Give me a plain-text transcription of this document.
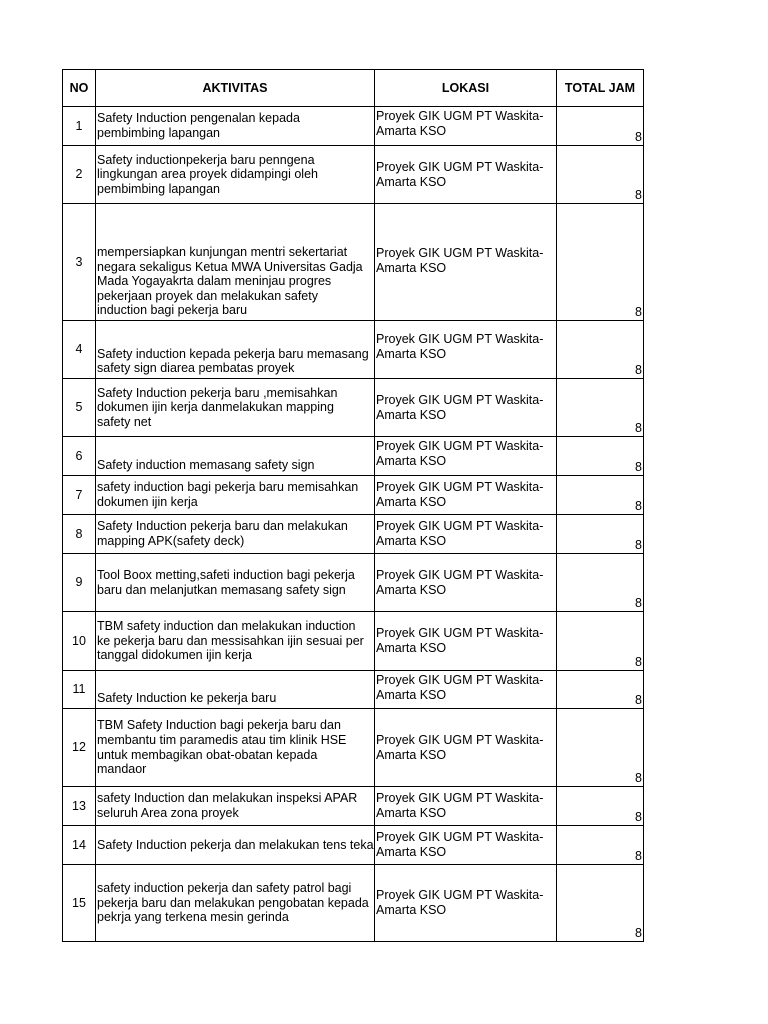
NO	AKTIVITAS	LOKASI	TOTAL JAM
1	Safety Induction pengenalan kepada
pembimbing lapangan	Proyek GIK UGM PT Waskita-
Amarta KSO	8
2	Safety inductionpekerja baru penngena
lingkungan area proyek didampingi oleh
pembimbing lapangan	Proyek GIK UGM PT Waskita-
Amarta KSO	8
3	mempersiapkan kunjungan mentri sekertariat
negara sekaligus Ketua MWA Universitas Gadja
Mada Yogayakrta dalam meninjau progres
pekerjaan proyek dan melakukan safety
induction bagi pekerja baru	Proyek GIK UGM PT Waskita-
Amarta KSO	8
4	Safety induction kepada pekerja baru memasang
safety sign diarea pembatas proyek	Proyek GIK UGM PT Waskita-
Amarta KSO	8
5	Safety Induction pekerja baru ,memisahkan
dokumen ijin kerja danmelakukan mapping
safety net	Proyek GIK UGM PT Waskita-
Amarta KSO	8
6	Safety induction memasang safety sign	Proyek GIK UGM PT Waskita-
Amarta KSO	8
7	safety induction bagi pekerja baru memisahkan
dokumen ijin kerja	Proyek GIK UGM PT Waskita-
Amarta KSO	8
8	Safety Induction pekerja baru dan melakukan
mapping APK(safety deck)	Proyek GIK UGM PT Waskita-
Amarta KSO	8
9	Tool Boox metting,safeti induction bagi pekerja
baru dan melanjutkan memasang safety sign	Proyek GIK UGM PT Waskita-
Amarta KSO	8
10	TBM safety induction dan melakukan induction
ke pekerja baru dan messisahkan ijin sesuai per
tanggal didokumen ijin kerja	Proyek GIK UGM PT Waskita-
Amarta KSO	8
11	Safety Induction ke pekerja baru	Proyek GIK UGM PT Waskita-
Amarta KSO	8
12	TBM Safety Induction bagi pekerja baru dan
membantu tim paramedis atau tim klinik HSE
untuk membagikan obat-obatan kepada
mandaor	Proyek GIK UGM PT Waskita-
Amarta KSO	8
13	safety Induction dan melakukan inspeksi APAR
seluruh Area zona proyek	Proyek GIK UGM PT Waskita-
Amarta KSO	8
14	Safety Induction pekerja dan melakukan tens teka	Proyek GIK UGM PT Waskita-
Amarta KSO	8
15	safety induction pekerja dan safety patrol bagi
pekerja baru dan melakukan pengobatan kepada
pekrja yang terkena mesin gerinda	Proyek GIK UGM PT Waskita-
Amarta KSO	8
